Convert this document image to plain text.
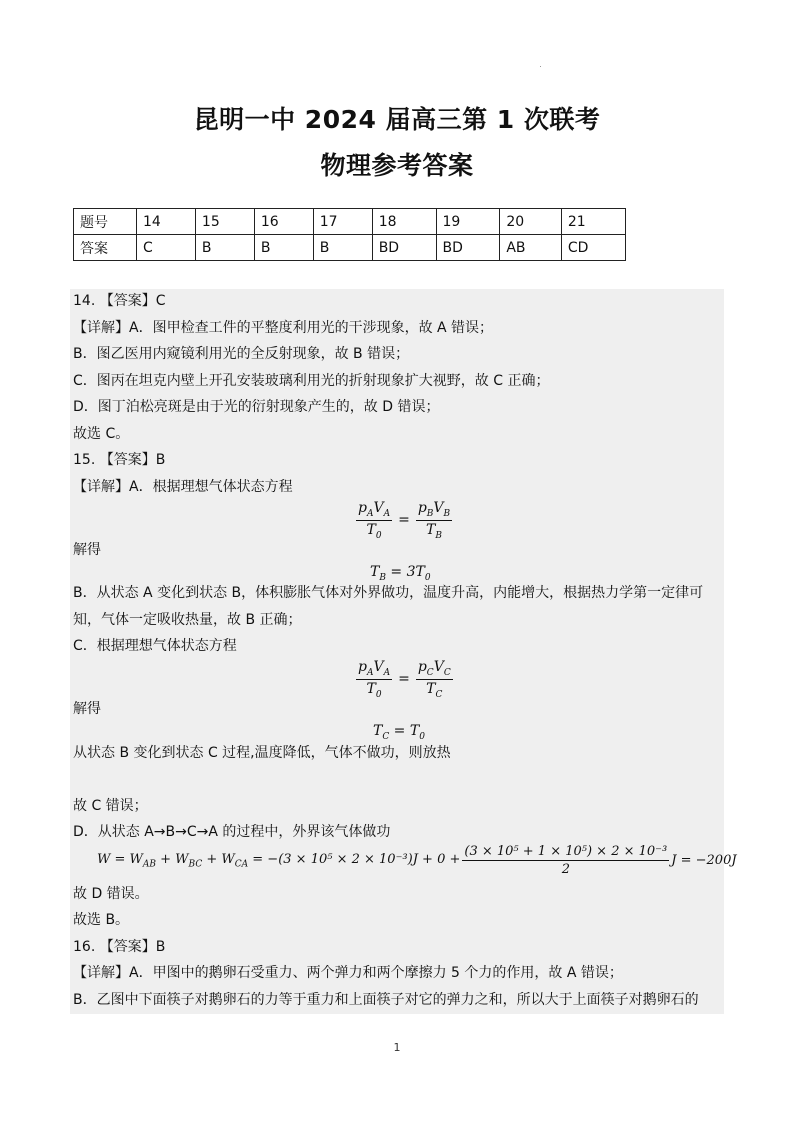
昆明一中 2024 届高三第 1 次联考
物理参考答案
题号	14	15	16	17	18	19	20	21
答案	C	B	B	B	BD	BD	AB	CD
14. 【答案】C
【详解】A．图甲检查工件的平整度利用光的干涉现象，故 A 错误；
B．图乙医用内窥镜利用光的全反射现象，故 B 错误；
C．图丙在坦克内壁上开孔安装玻璃利用光的折射现象扩大视野，故 C 正确；
D．图丁泊松亮斑是由于光的衍射现象产生的，故 D 错误；
故选 C。
15. 【答案】B
【详解】A．根据理想气体状态方程
$\frac{p_AV_A}{T_0} = \frac{p_BV_B}{T_B}$
解得
$T_B = 3T_0$
B．从状态 A 变化到状态 B，体积膨胀气体对外界做功，温度升高，内能增大，根据热力学第一定律可
知，气体一定吸收热量，故 B 正确；
C．根据理想气体状态方程
$\frac{p_AV_A}{T_0} = \frac{p_CV_C}{T_C}$
解得
$T_C = T_0$
从状态 B 变化到状态 C 过程,温度降低，气体不做功，则放热
故 C 错误；
D．从状态 A→B→C→A 的过程中，外界该气体做功
$W = W_{AB} + W_{BC} + W_{CA} = -(3 \times 10^5 \times 2 \times 10^{-3})J + 0 + \frac{\text{(3 × 10⁵ + 1 × 10⁵) × 2 × 10⁻³}}{2}$ J = −200J
故 D 错误。
故选 B。
16. 【答案】B
【详解】A．甲图中的鹅卵石受重力、两个弹力和两个摩擦力 5 个力的作用，故 A 错误；
B．乙图中下面筷子对鹅卵石的力等于重力和上面筷子对它的弹力之和，所以大于上面筷子对鹅卵石的
1
